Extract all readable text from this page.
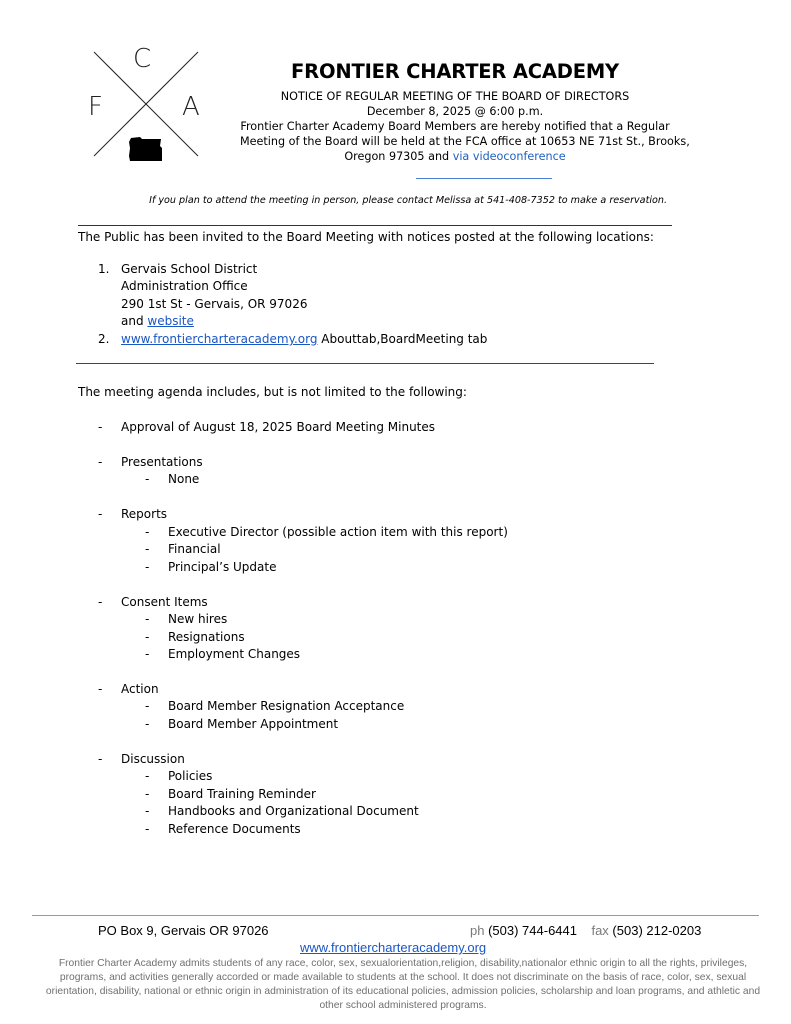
C
F	A
FRONTIER CHARTER ACADEMY
NOTICE OF REGULAR MEETING OF THE BOARD OF DIRECTORS
December 8, 2025 @ 6:00 p.m.
Frontier Charter Academy Board Members are hereby notified that a Regular
Meeting of the Board will be held at the FCA office at 10653 NE 71st St., Brooks,
Oregon 97305 and via videoconference
If you plan to attend the meeting in person, please contact Melissa at 541-408-7352 to make a reservation.
The Public has been invited to the Board Meeting with notices posted at the following locations:
1. Gervais School District
Administration Office
290 1st St - Gervais, OR 97026
and website
2. www.frontiercharteracademy.org Abouttab,BoardMeeting tab
The meeting agenda includes, but is not limited to the following:
- Approval of August 18, 2025 Board Meeting Minutes
- Presentations
- None
- Reports
- Executive Director (possible action item with this report)
- Financial
- Principal’s Update
- Consent Items
- New hires
- Resignations
- Employment Changes
- Action
- Board Member Resignation Acceptance
- Board Member Appointment
- Discussion
- Policies
- Board Training Reminder
- Handbooks and Organizational Document
- Reference Documents
PO Box 9, Gervais OR 97026	ph (503) 744-6441 fax (503) 212-0203
www.frontiercharteracademy.org
Frontier Charter Academy admits students of any race, color, sex, sexualorientation,religion, disability,nationalor ethnic origin to all the rights, privileges,
programs, and activities generally accorded or made available to students at the school. It does not discriminate on the basis of race, color, sex, sexual
orientation, disability, national or ethnic origin in administration of its educational policies, admission policies, scholarship and loan programs, and athletic and
other school administered programs.
